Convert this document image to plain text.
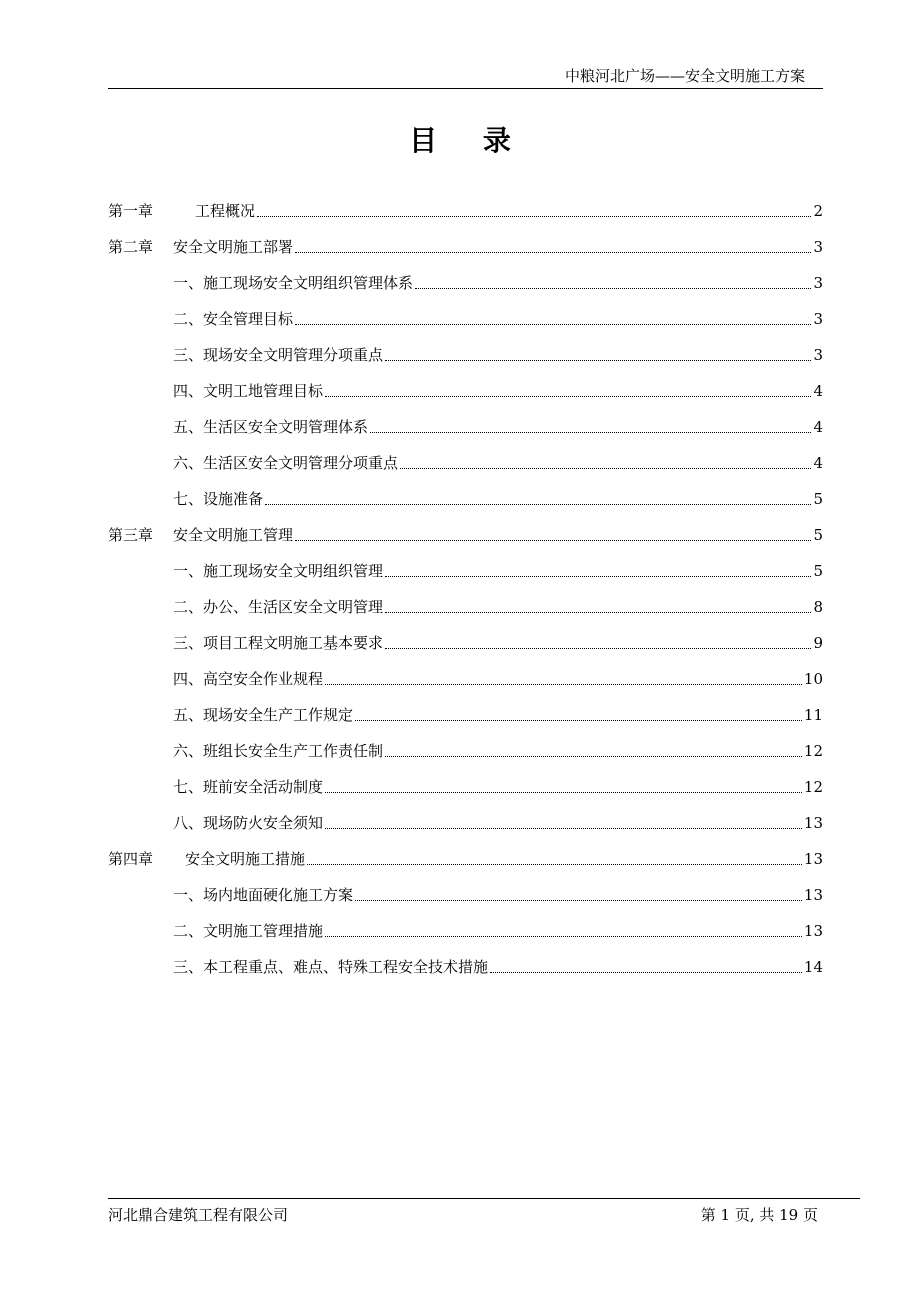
中粮河北广场——安全文明施工方案
目 录
第一章	工程概况	2
第二章	安全文明施工部署	3
一、施工现场安全文明组织管理体系	3
二、安全管理目标	3
三、现场安全文明管理分项重点	3
四、文明工地管理目标	4
五、生活区安全文明管理体系	4
六、生活区安全文明管理分项重点	4
七、设施准备	5
第三章	安全文明施工管理	5
一、施工现场安全文明组织管理	5
二、办公、生活区安全文明管理	8
三、项目工程文明施工基本要求	9
四、高空安全作业规程	10
五、现场安全生产工作规定	11
六、班组长安全生产工作责任制	12
七、班前安全活动制度	12
八、现场防火安全须知	13
第四章	安全文明施工措施	13
一、场内地面硬化施工方案	13
二、文明施工管理措施	13
三、本工程重点、难点、特殊工程安全技术措施	14
河北鼎合建筑工程有限公司	第 1 页, 共 19 页
